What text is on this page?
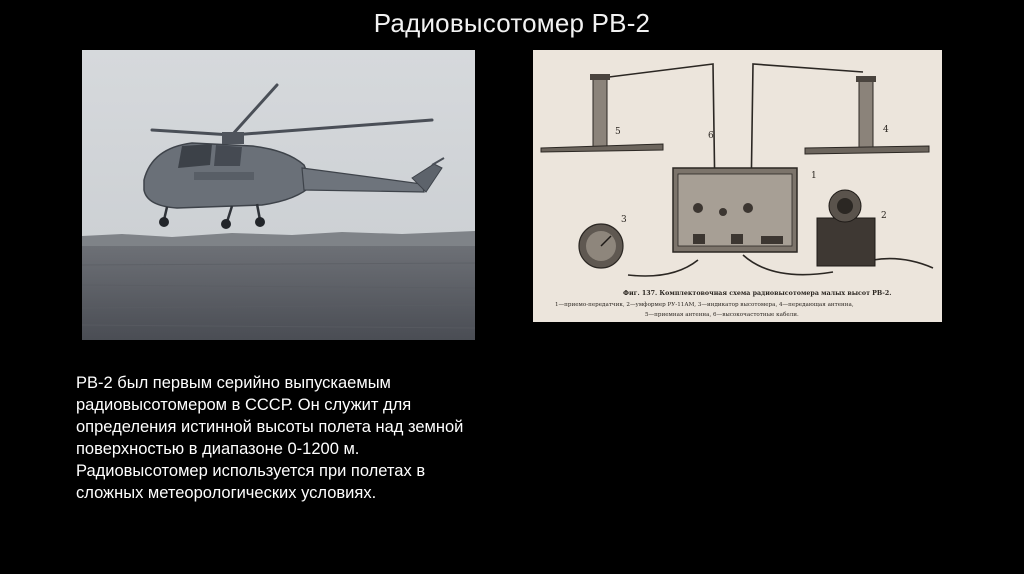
Радиовысотомер РВ-2
5	6
4
1
3	2
Фиг. 137. Комплектовочная схема радиовысотомера малых высот РВ-2.
1—приемо-передатчик, 2—умформер РУ-11АМ, 3—индикатор высотомера, 4—передающая антенна,
5—приемная антенна, 6—высокочастотные кабели.
РВ-2 был первым серийно выпускаемым
радиовысотомером в СССР. Он служит для
определения истинной высоты полета над земной
поверхностью в диапазоне 0-1200 м.
Радиовысотомер используется при полетах в
сложных метеорологических условиях.
